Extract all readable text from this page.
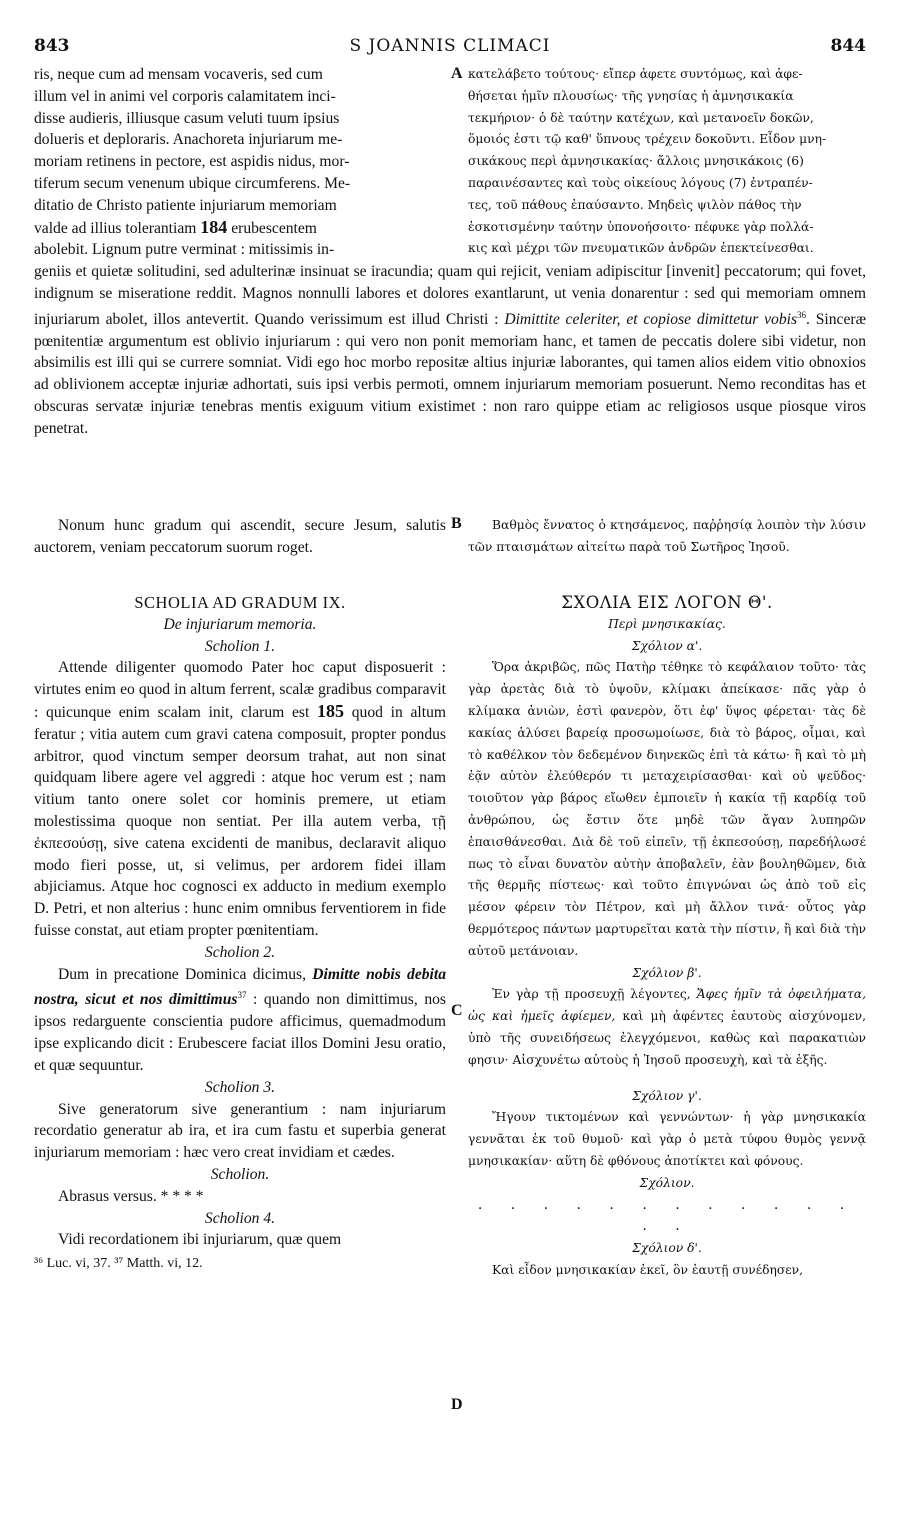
843	S JOANNIS CLIMACI	844
ris, neque cum ad mensam vocaveris, sed cum
illum vel in animi vel corporis calamitatem inci-
disse audieris, illiusque casum veluti tuum ipsius
dolueris et deploraris. Anachoreta injuriarum me-
moriam retinens in pectore, est aspidis nidus, mor-
tiferum secum venenum ubique circumferens. Me-
ditatio de Christo patiente injuriarum memoriam
valde ad illius tolerantiam 184 erubescentem
abolebit. Lignum putre verminat : mitissimis in-
A κατελάβετο τούτους· εἴπερ ἀφετε συντόμως, καὶ ἀφε-
θήσεται ἡμῖν πλουσίως· τῆς γνησίας ἡ ἀμνησικακία
τεκμήριον· ὁ δὲ ταύτην κατέχων, καὶ μετανοεῖν δοκῶν,
ὅμοιός ἐστι τῷ καθ' ὕπνους τρέχειν δοκοῦντι. Εἶδον μνη-
σικάκους περὶ ἀμνησικακίας· ἄλλοις μνησικάκοις (6)
παραινέσαντες καὶ τοὺς οἰκείους λόγους (7) ἐντραπέν-
τες, τοῦ πάθους ἐπαύσαντο. Μηδεὶς ψιλὸν πάθος τὴν
ἐσκοτισμένην ταύτην ὑπονοήσοιτο· πέφυκε γὰρ πολλά-
κις καὶ μέχρι τῶν πνευματικῶν ἀνδρῶν ἐπεκτείνεσθαι.
geniis et quietæ solitudini, sed adulterinæ insinuat se iracundia; quam qui rejicit, veniam adipiscitur [invenit] peccatorum; qui fovet, indignum se miseratione reddit. Magnos nonnulli labores et dolores exantlarunt, ut venia donarentur : sed qui memoriam omnem injuriarum abolet, illos antevertit. Quando verissimum est illud Christi : Dimittite celeriter, et copiose dimittetur vobis$^{36}$. Sinceræ pœnitentiæ argumentum est oblivio injuriarum : qui vero non ponit memoriam hanc, et tamen de peccatis dolere sibi videtur, non absimilis est illi qui se currere somniat. Vidi ego hoc morbo repositæ altius injuriæ laborantes, qui tamen alios eidem vitio obnoxios ad oblivionem acceptæ injuriæ adhortati, suis ipsi verbis permoti, omnem injuriarum memoriam posuerunt. Nemo reconditas has et obscuras servatæ injuriæ tenebras mentis exiguum vitium existimet : non raro quippe etiam ac religiosos usque piosque viros penetrat.

Nonum hunc gradum qui ascendit, secure Jesum, salutis auctorem, veniam peccatorum suorum roget.

B	Βαθμὸς ἔννατος ὁ κτησάμενος, παῤῥησίᾳ λοιπὸν τὴν λύσιν τῶν πταισμάτων αἰτείτω παρὰ τοῦ Σωτῆρος Ἰησοῦ.

SCHOLIA AD GRADUM IX.

De injuriarum memoria.

Scholion 1.

Attende diligenter quomodo Pater hoc caput disposuerit : virtutes enim eo quod in altum ferrent, scalæ gradibus comparavit : quicunque enim scalam init, clarum est 185 quod in altum feratur ; vitia autem cum gravi catena composuit, propter pondus arbitror, quod vinctum semper deorsum trahat, aut non sinat quidquam libere agere vel aggredi : atque hoc verum est ; nam vitium tanto onere solet cor hominis premere, ut etiam molestissima quoque non sentiat. Per illa autem verba, τῇ ἐκπεσούσῃ, sive catena excidenti de manibus, declaravit aliquo modo fieri posse, ut, si velimus, per ardorem fidei illam abjiciamus. Atque hoc cognosci ex adducto in medium exemplo D. Petri, et non alterius : hunc enim omnibus ferventiorem in fide fuisse constat, aut etiam propter pœnitentiam.

Scholion 2.

Dum in precatione Dominica dicimus, Dimitte nobis debita nostra, sicut et nos dimittimus$^{37}$ : quando non dimittimus, nos ipsos redarguente conscientia pudore afficimus, quemadmodum ipse explicando dicit : Erubescere faciat illos Domini Jesu oratio, et quæ sequuntur.

Scholion 3.

Sive generatorum sive generantium : nam injuriarum recordatio generatur ab ira, et ira cum fastu et superbia generat injuriarum memoriam : hæc vero creat invidiam et cædes.

Scholion.

Abrasus versus. * * * *

Scholion 4.

Vidi recordationem ibi injuriarum, quæ quem

³⁶ Luc. vi, 37. ³⁷ Matth. vi, 12.

C
D

ΣΧΟΛΙΑ ΕΙΣ ΛΟΓΟΝ Θ'.

Περὶ μνησικακίας.

Σχόλιον α'.

Ὅρα ἀκριβῶς, πῶς Πατὴρ τέθηκε τὸ κεφάλαιον τοῦτο· τὰς γὰρ ἀρετὰς διὰ τὸ ὑψοῦν, κλίμακι ἀπείκασε· πᾶς γὰρ ὁ κλίμακα ἀνιὼν, ἐστὶ φανερὸν, ὅτι ἐφ' ὕψος φέρεται· τὰς δὲ κακίας ἁλύσει βαρείᾳ προσωμοίωσε, διὰ τὸ βάρος, οἶμαι, καὶ τὸ καθέλκον τὸν δεδεμένον διηνεκῶς ἐπὶ τὰ κάτω· ἢ καὶ τὸ μὴ ἐᾷν αὐτὸν ἐλεύθερόν τι μεταχειρίσασθαι· καὶ οὐ ψεῦδος· τοιοῦτον γὰρ βάρος εἴωθεν ἐμποιεῖν ἡ κακία τῇ καρδίᾳ τοῦ ἀνθρώπου, ὡς ἔστιν ὅτε μηδὲ τῶν ἄγαν λυπηρῶν ἐπαισθάνεσθαι. Διὰ δὲ τοῦ εἰπεῖν, τῇ ἐκπεσούσῃ, παρεδήλωσέ πως τὸ εἶναι δυνατὸν αὐτὴν ἀποβαλεῖν, ἐὰν βουληθῶμεν, διὰ τῆς θερμῆς πίστεως· καὶ τοῦτο ἐπιγνώναι ὡς ἀπὸ τοῦ εἰς μέσον φέρειν τὸν Πέτρον, καὶ μὴ ἄλλον τινά· οὗτος γὰρ θερμότερος πάντων μαρτυρεῖται κατὰ τὴν πίστιν, ἢ καὶ διὰ τὴν αὐτοῦ μετάνοιαν.

Σχόλιον β'.

Ἐν γὰρ τῇ προσευχῇ λέγοντες, Ἄφες ἡμῖν τὰ ὀφειλήματα, ὡς καὶ ἡμεῖς ἀφίεμεν, καὶ μὴ ἀφέντες ἑαυτοὺς αἰσχύνομεν, ὑπὸ τῆς συνειδήσεως ἐλεγχόμενοι, καθὼς καὶ παρακατιὼν φησιν· Αἰσχυνέτω αὐτοὺς ἡ Ἰησοῦ προσευχὴ, καὶ τὰ ἑξῆς.

Σχόλιον γ'.

Ἤγουν τικτομένων καὶ γεννώντων· ἡ γὰρ μνησικακία γεννᾶται ἐκ τοῦ θυμοῦ· καὶ γὰρ ὁ μετὰ τύφου θυμὸς γεννᾷ μνησικακίαν· αὕτη δὲ φθόνους ἀποτίκτει καὶ φόνους.

Σχόλιον.

. . . . . . . . . . . . . .

Σχόλιον δ'.

Καὶ εἶδον μνησικακίαν ἐκεῖ, ὃν ἑαυτῇ συνέδησεν,
